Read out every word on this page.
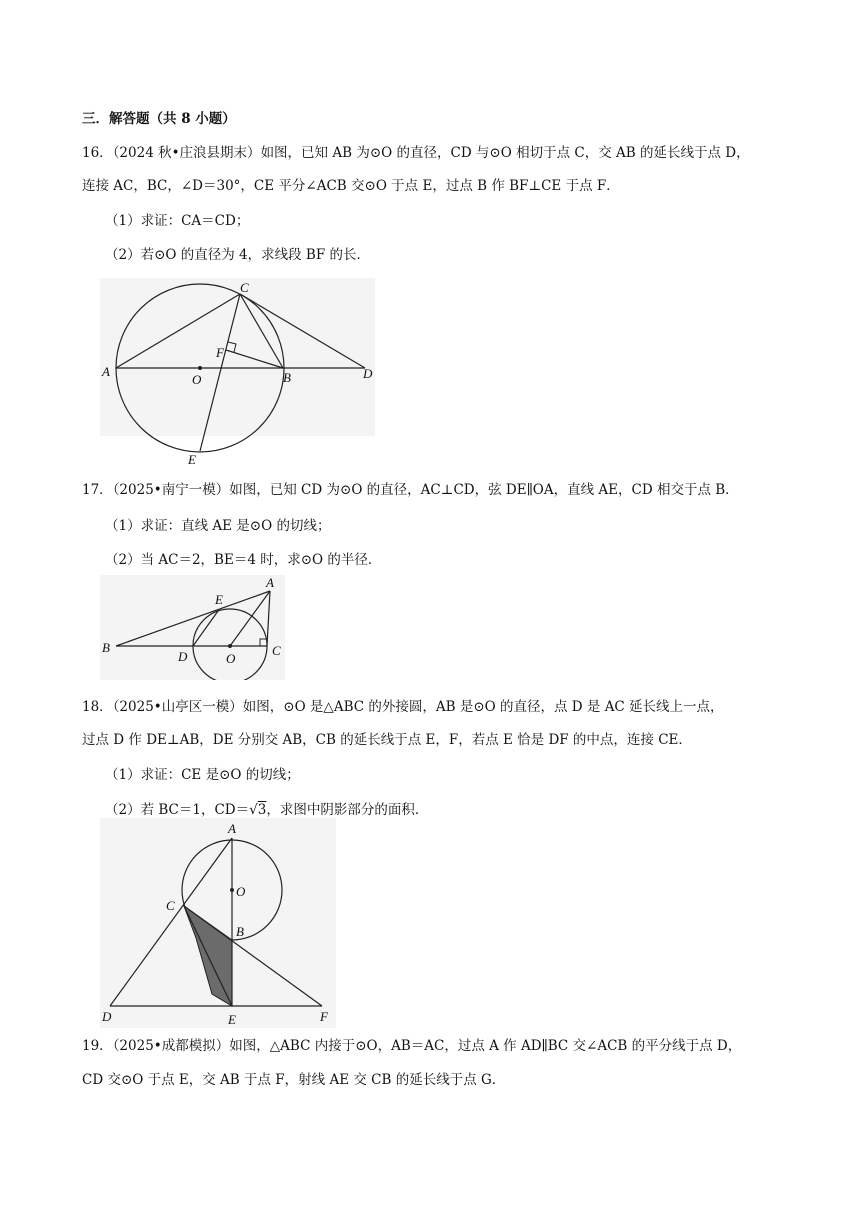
三．解答题（共 8 小题）
16．（2024 秋•庄浪县期末）如图，已知 AB 为⊙O 的直径，CD 与⊙O 相切于点 C，交 AB 的延长线于点 D，
连接 AC，BC，∠D＝30°，CE 平分∠ACB 交⊙O 于点 E，过点 B 作 BF⊥CE 于点 F．
（1）求证：CA＝CD；
（2）若⊙O 的直径为 4，求线段 BF 的长．
A
O	B	D
C
F
E
17．（2025•南宁一模）如图，已知 CD 为⊙O 的直径，AC⊥CD，弦 DE∥OA，直线 AE，CD 相交于点 B．
（1）求证：直线 AE 是⊙O 的切线；
（2）当 AC＝2，BE＝4 时，求⊙O 的半径．
B
D	O
C
E
A
18．（2025•山亭区一模）如图，⊙O 是△ABC 的外接圆，AB 是⊙O 的直径，点 D 是 AC 延长线上一点，
过点 D 作 DE⊥AB，DE 分别交 AB，CB 的延长线于点 E，F，若点 E 恰是 DF 的中点，连接 CE．
（1）求证：CE 是⊙O 的切线；
（2）若 BC＝1，CD＝√3，求图中阴影部分的面积．
A
O
C
B
D	E	F
19．（2025•成都模拟）如图，△ABC 内接于⊙O，AB＝AC，过点 A 作 AD∥BC 交∠ACB 的平分线于点 D，
CD 交⊙O 于点 E，交 AB 于点 F，射线 AE 交 CB 的延长线于点 G．
